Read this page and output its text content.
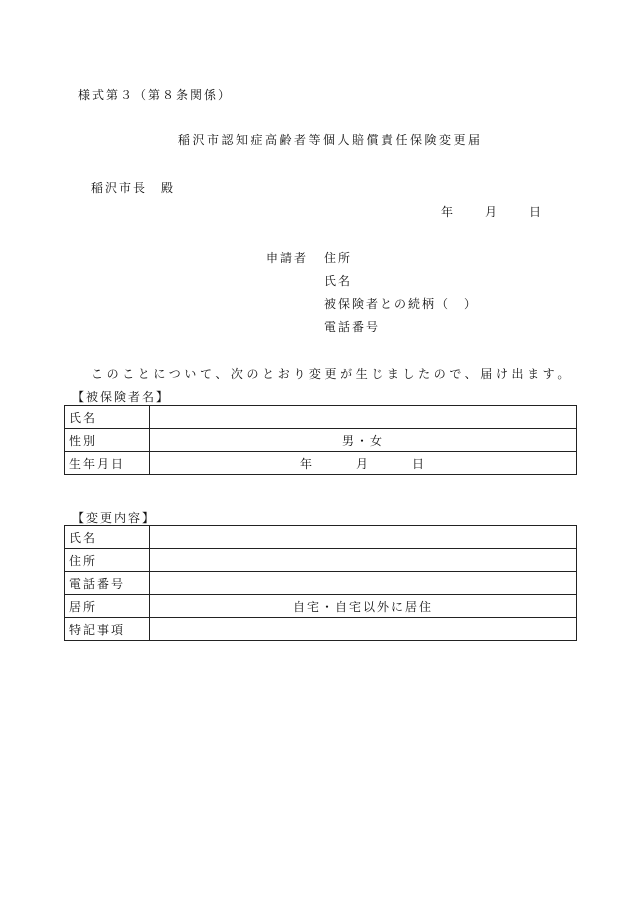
様式第３（第８条関係）
稲沢市認知症高齢者等個人賠償責任保険変更届
稲沢市長　殿
年 月 日
申請者 住所
氏名
被保険者との続柄（　）
電話番号
このことについて、次のとおり変更が生じましたので、届け出ます。
【被保険者名】
氏名	
性別	男・女
生年月日	年　　　月　　　日
【変更内容】
氏名	
住所	
電話番号	
居所	自宅・自宅以外に居住
特記事項	
